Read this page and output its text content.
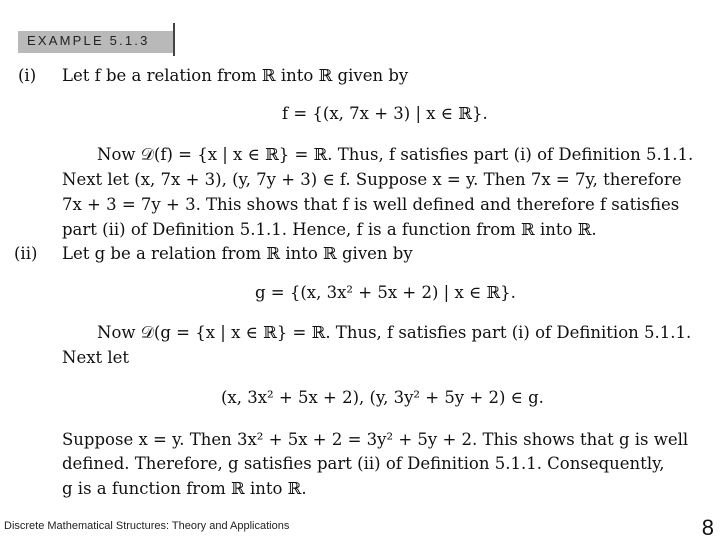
EXAMPLE 5.1.3
(i) Let f be a relation from ℝ into ℝ given by
f = {(x, 7x + 3) | x ∈ ℝ}.
Now 𝒟(f) = {x | x ∈ ℝ} = ℝ. Thus, f satisfies part (i) of Definition 5.1.1.
Next let (x, 7x + 3), (y, 7y + 3) ∈ f. Suppose x = y. Then 7x = 7y, therefore
7x + 3 = 7y + 3. This shows that f is well defined and therefore f satisfies
part (ii) of Definition 5.1.1. Hence, f is a function from ℝ into ℝ.
(ii) Let g be a relation from ℝ into ℝ given by
g = {(x, 3x² + 5x + 2) | x ∈ ℝ}.
Now 𝒟(g = {x | x ∈ ℝ} = ℝ. Thus, f satisfies part (i) of Definition 5.1.1.
Next let
(x, 3x² + 5x + 2), (y, 3y² + 5y + 2) ∈ g.
Suppose x = y. Then 3x² + 5x + 2 = 3y² + 5y + 2. This shows that g is well
defined. Therefore, g satisfies part (ii) of Definition 5.1.1. Consequently,
g is a function from ℝ into ℝ.
Discrete Mathematical Structures: Theory and Applications	8
